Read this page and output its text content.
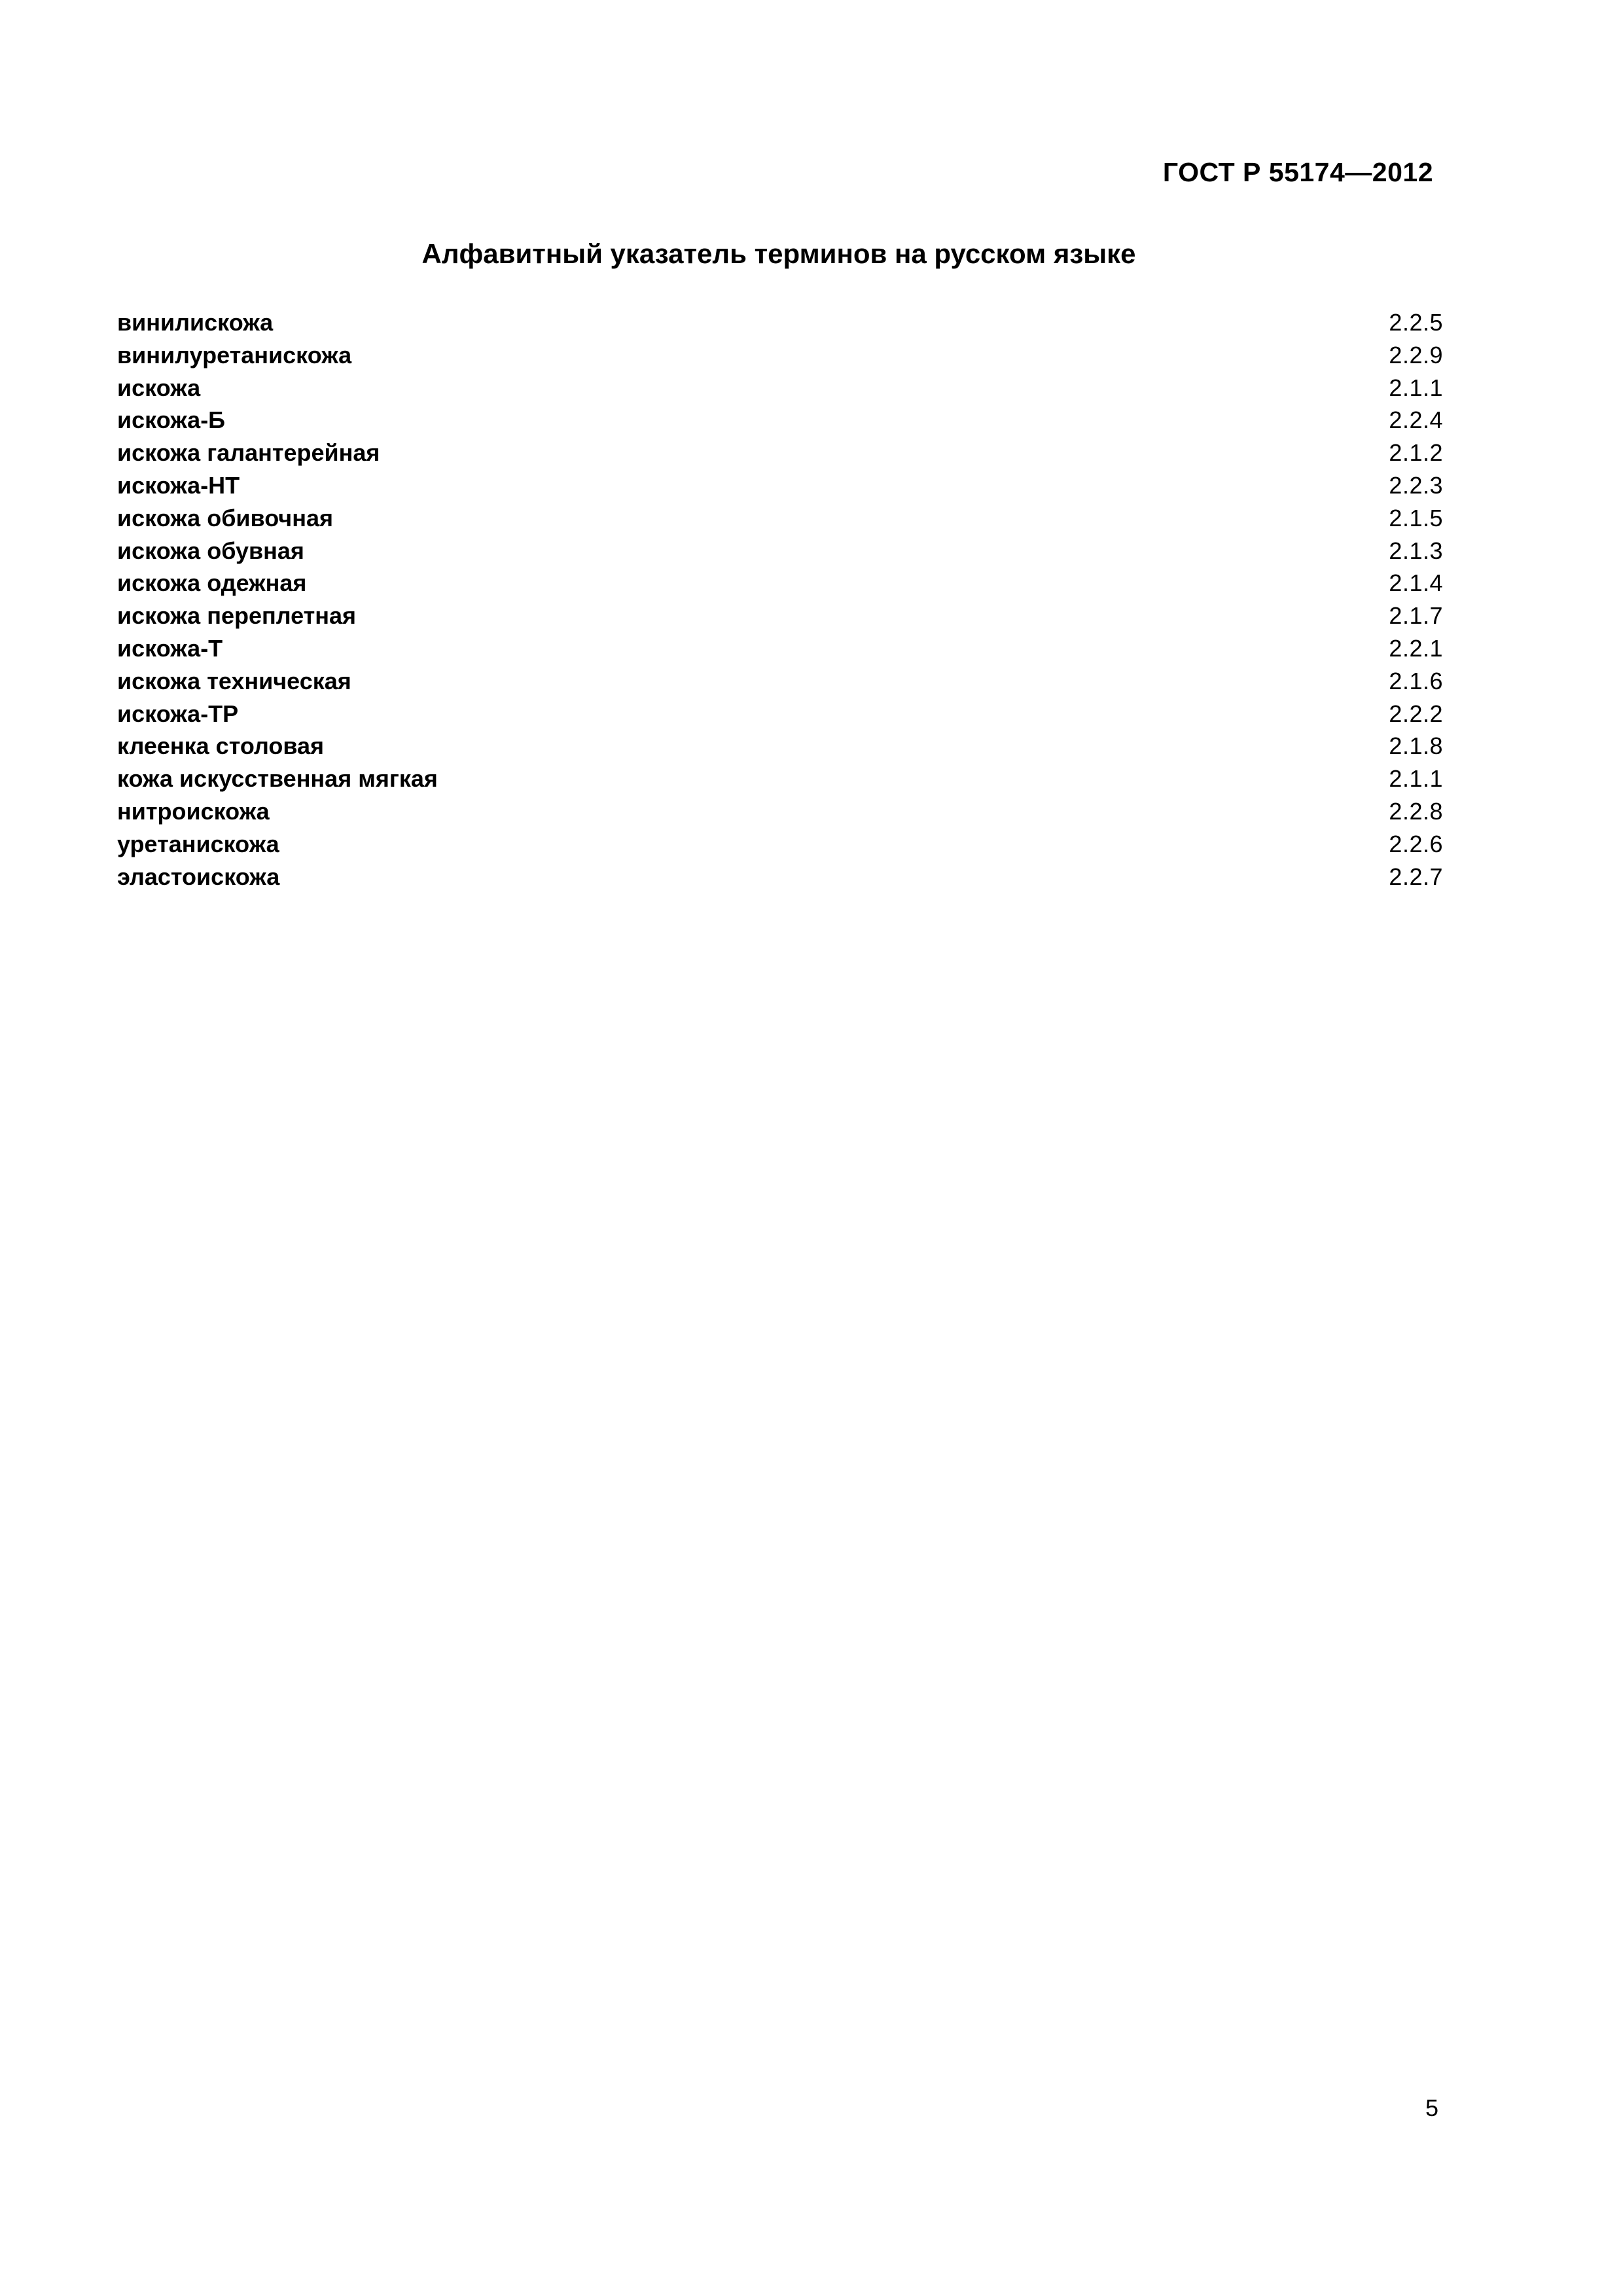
ГОСТ Р 55174—2012
Алфавитный указатель терминов на русском языке
винилискожа	2.2.5
винилуретанискожа	2.2.9
искожа	2.1.1
искожа-Б	2.2.4
искожа галантерейная	2.1.2
искожа-НТ	2.2.3
искожа обивочная	2.1.5
искожа обувная	2.1.3
искожа одежная	2.1.4
искожа переплетная	2.1.7
искожа-Т	2.2.1
искожа техническая	2.1.6
искожа-ТР	2.2.2
клеенка столовая	2.1.8
кожа искусственная мягкая	2.1.1
нитроискожа	2.2.8
уретанискожа	2.2.6
эластоискожа	2.2.7
5
